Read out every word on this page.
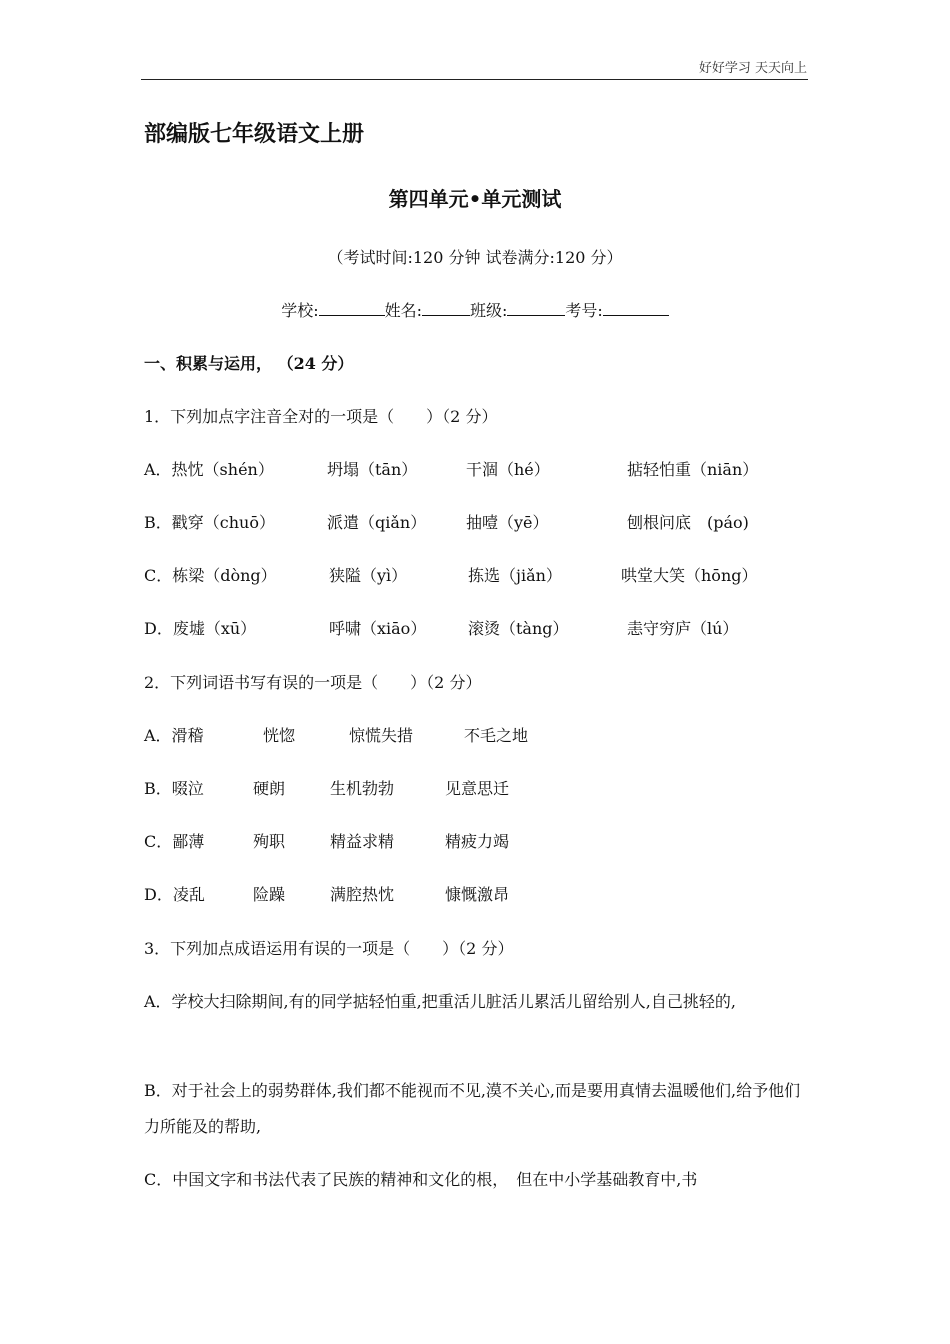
好好学习 天天向上
部编版七年级语文上册
第四单元•单元测试
（考试时间:120 分钟 试卷满分:120 分）
学校:	姓名:	班级:	考号:
一、积累与运用， （24 分）
1．下列加点字注音全对的一项是（　　）（2 分）
A．热忱（shén）	坍塌（tān）	干涸（hé）	掂轻怕重（niān）
B．戳穿（chuō）	派遣（qiǎn） 抽噎（yē）	刨根问底　(páo)
C．栋梁（dòng）	狭隘（yì）	拣选（jiǎn）	哄堂大笑（hōng）
D．废墟（xū）	呼啸（xiāo）	滚烫（tàng）	恚守穷庐（lú）
2．下列词语书写有误的一项是（　　）（2 分）
A．滑稽	恍惚	惊慌失措	不毛之地
B．啜泣	硬朗	生机勃勃	见意思迁
C．鄙薄	殉职	精益求精	精疲力竭
D．凌乱	险躁	满腔热忱	慷慨激昂
3．下列加点成语运用有误的一项是（　　）（2 分）
A．学校大扫除期间,有的同学掂轻怕重,把重活儿脏活儿累活儿留给别人,自己挑轻的,
B．对于社会上的弱势群体,我们都不能视而不见,漠不关心,而是要用真情去温暖他们,给予他们力所能及的帮助,
C．中国文字和书法代表了民族的精神和文化的根，　但在中小学基础教育中,书
